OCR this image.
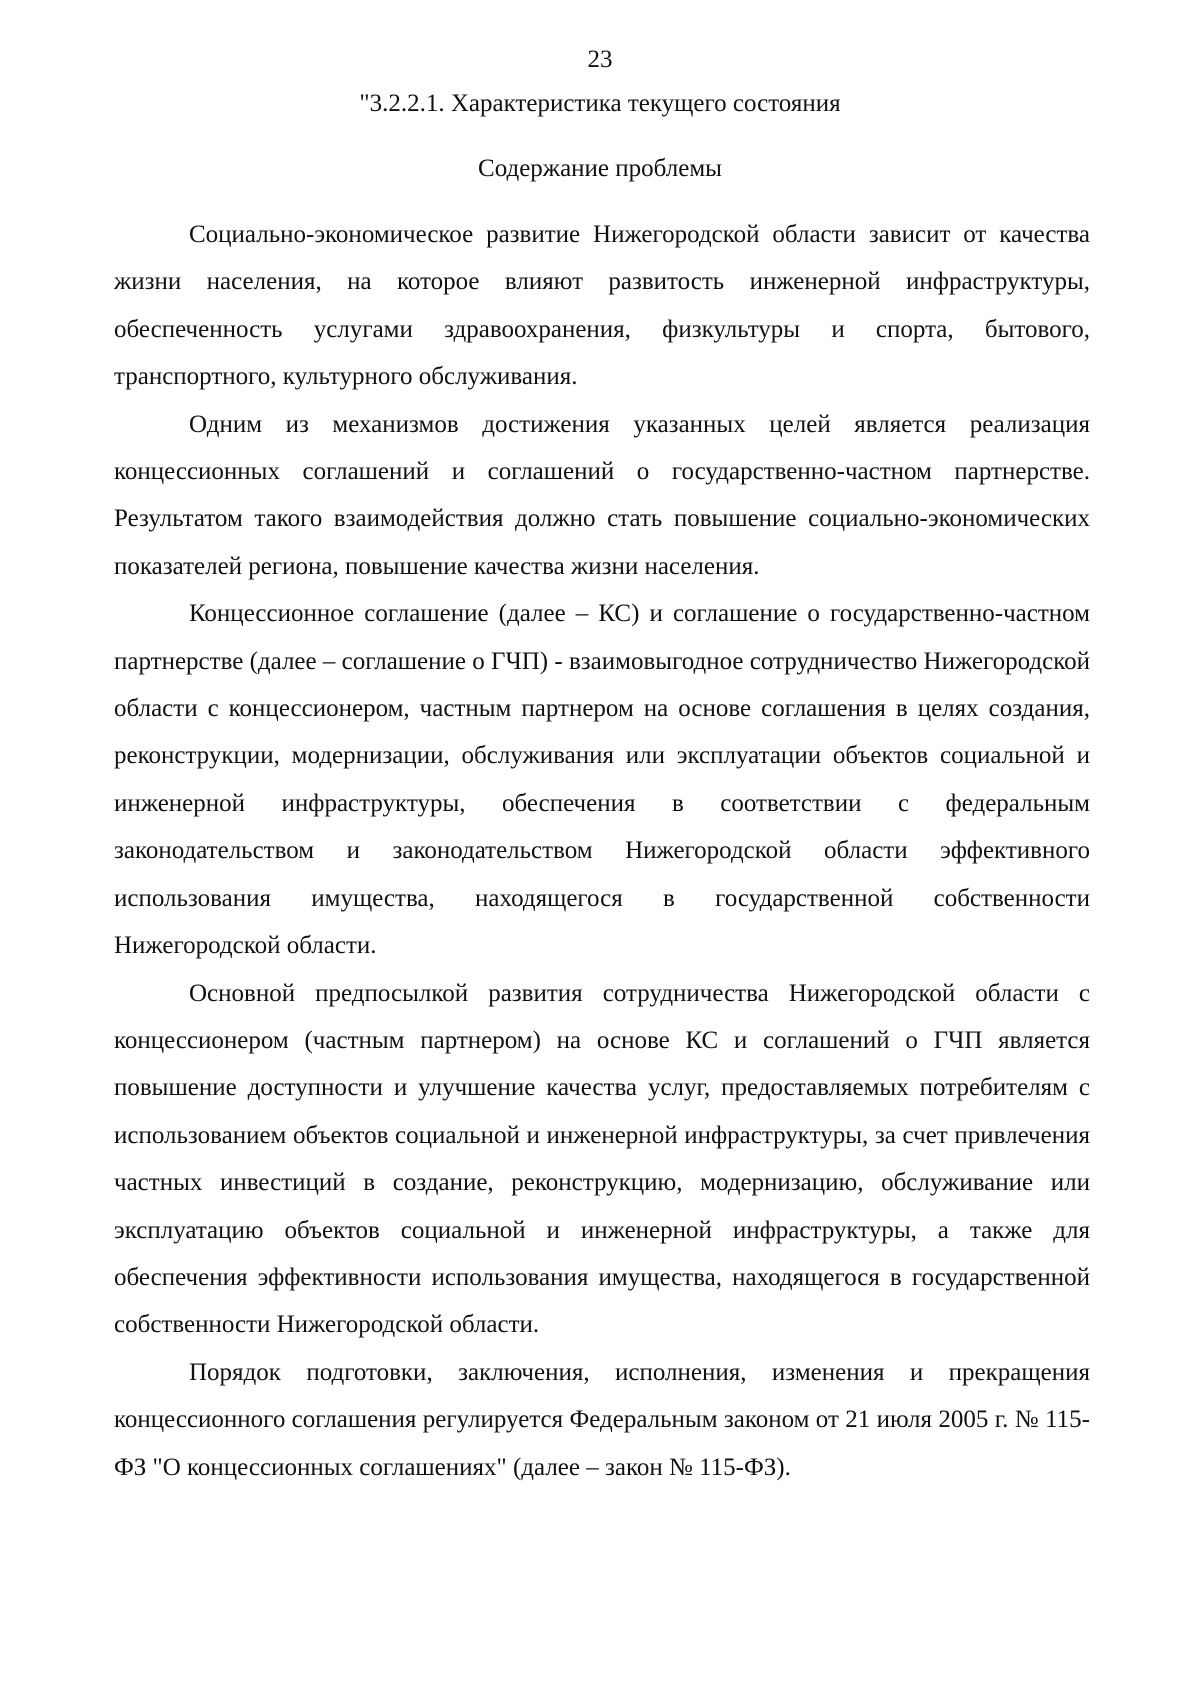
23
"3.2.2.1. Характеристика текущего состояния
Содержание проблемы

Социально-экономическое развитие Нижегородской области зависит от качества жизни населения, на которое влияют развитость инженерной инфраструктуры, обеспеченность услугами здравоохранения, физкультуры и спорта, бытового, транспортного, культурного обслуживания.

Одним из механизмов достижения указанных целей является реализация концессионных соглашений и соглашений о государственно-частном партнерстве. Результатом такого взаимодействия должно стать повышение социально-экономических показателей региона, повышение качества жизни населения.

Концессионное соглашение (далее – КС) и соглашение о государственно-частном партнерстве (далее – соглашение о ГЧП) - взаимовыгодное сотрудничество Нижегородской области с концессионером, частным партнером на основе соглашения в целях создания, реконструкции, модернизации, обслуживания или эксплуатации объектов социальной и инженерной инфраструктуры, обеспечения в соответствии с федеральным законодательством и законодательством Нижегородской области эффективного использования имущества, находящегося в государственной собственности Нижегородской области.

Основной предпосылкой развития сотрудничества Нижегородской области с концессионером (частным партнером) на основе КС и соглашений о ГЧП является повышение доступности и улучшение качества услуг, предоставляемых потребителям с использованием объектов социальной и инженерной инфраструктуры, за счет привлечения частных инвестиций в создание, реконструкцию, модернизацию, обслуживание или эксплуатацию объектов социальной и инженерной инфраструктуры, а также для обеспечения эффективности использования имущества, находящегося в государственной собственности Нижегородской области.

Порядок подготовки, заключения, исполнения, изменения и прекращения концессионного соглашения регулируется Федеральным законом от 21 июля 2005 г. № 115-ФЗ "О концессионных соглашениях" (далее – закон № 115-ФЗ).
